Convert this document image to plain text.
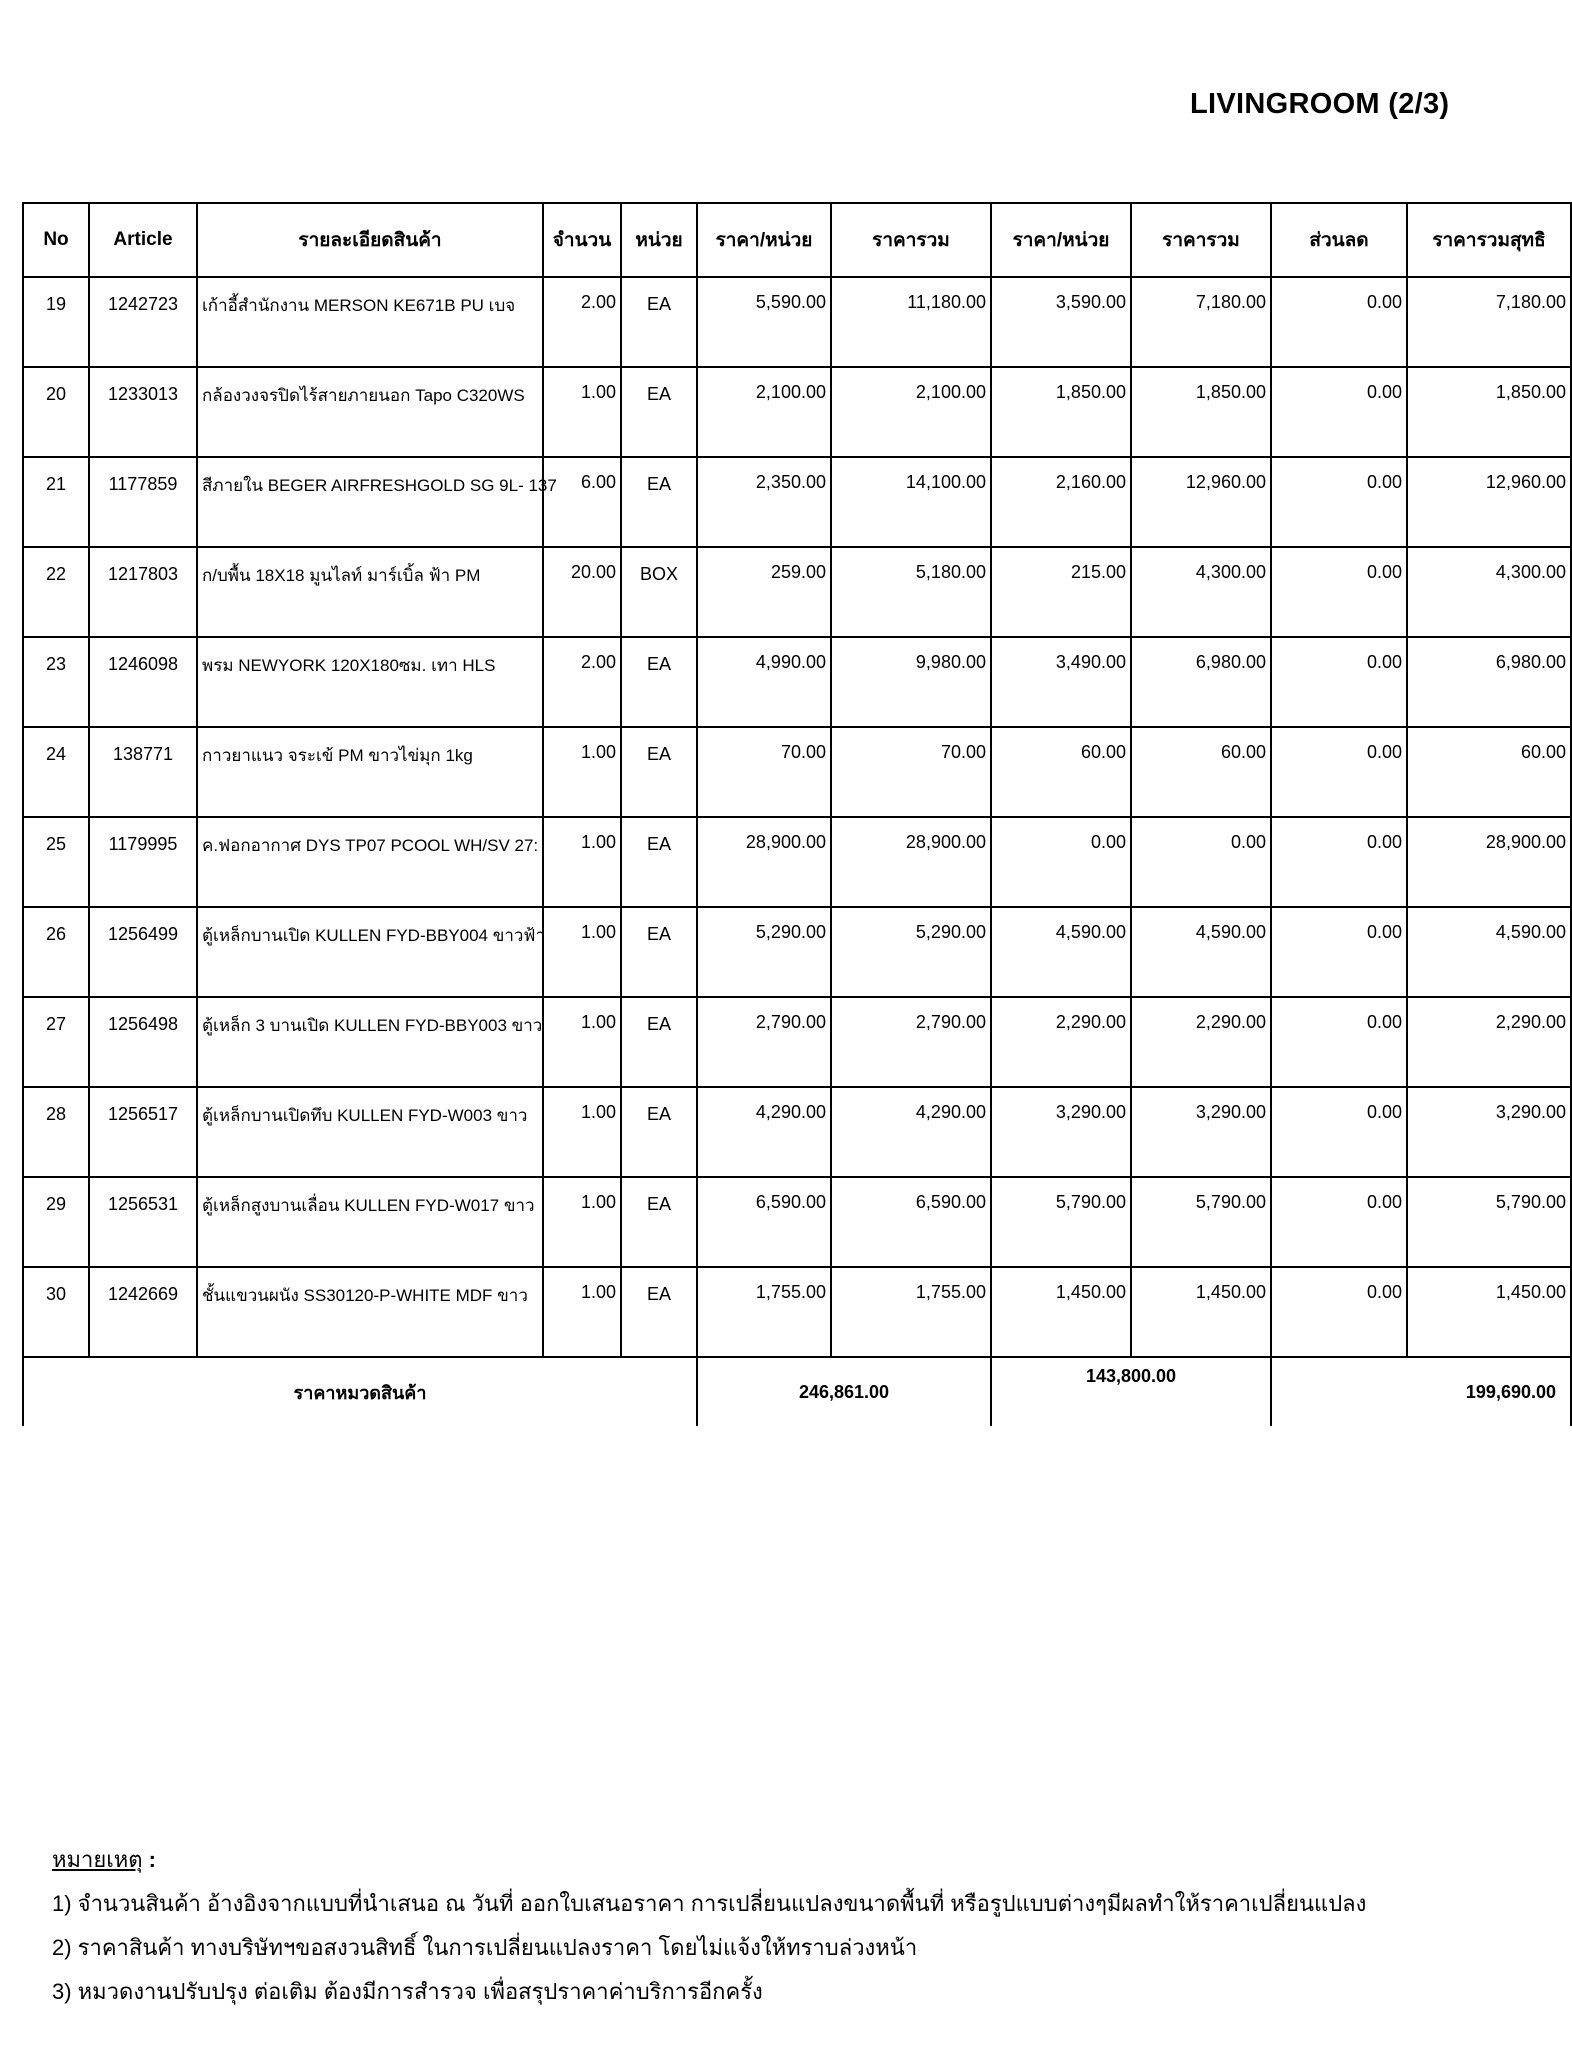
LIVINGROOM (2/3)
No	Article	รายละเอียดสินค้า	จำนวน	หน่วย	ราคา/หน่วย	ราคารวม	ราคา/หน่วย	ราคารวม	ส่วนลด	ราคารวมสุทธิ
19	1242723	เก้าอี้สำนักงาน MERSON KE671B PU เบจ	2.00	EA	5,590.00	11,180.00	3,590.00	7,180.00	0.00	7,180.00
20	1233013	กล้องวงจรปิดไร้สายภายนอก Tapo C320WS	1.00	EA	2,100.00	2,100.00	1,850.00	1,850.00	0.00	1,850.00
21	1177859	สีภายใน BEGER AIRFRESHGOLD SG 9L- 137	6.00	EA	2,350.00	14,100.00	2,160.00	12,960.00	0.00	12,960.00
22	1217803	ก/บพื้น 18X18 มูนไลท์ มาร์เบิ้ล ฟ้า PM	20.00	BOX	259.00	5,180.00	215.00	4,300.00	0.00	4,300.00
23	1246098	พรม NEWYORK 120X180ซม. เทา HLS	2.00	EA	4,990.00	9,980.00	3,490.00	6,980.00	0.00	6,980.00
24	138771	กาวยาแนว จระเข้ PM ขาวไข่มุก 1kg	1.00	EA	70.00	70.00	60.00	60.00	0.00	60.00
25	1179995	ค.ฟอกอากาศ DYS TP07 PCOOL WH/SV 27:	1.00	EA	28,900.00	28,900.00	0.00	0.00	0.00	28,900.00
26	1256499	ตู้เหล็กบานเปิด KULLEN FYD-BBY004 ขาวฟ้า	1.00	EA	5,290.00	5,290.00	4,590.00	4,590.00	0.00	4,590.00
27	1256498	ตู้เหล็ก 3 บานเปิด KULLEN FYD-BBY003 ขาว	1.00	EA	2,790.00	2,790.00	2,290.00	2,290.00	0.00	2,290.00
28	1256517	ตู้เหล็กบานเปิดทึบ KULLEN FYD-W003 ขาว	1.00	EA	4,290.00	4,290.00	3,290.00	3,290.00	0.00	3,290.00
29	1256531	ตู้เหล็กสูงบานเลื่อน KULLEN FYD-W017 ขาว	1.00	EA	6,590.00	6,590.00	5,790.00	5,790.00	0.00	5,790.00
30	1242669	ชั้นแขวนผนัง SS30120-P-WHITE MDF ขาว	1.00	EA	1,755.00	1,755.00	1,450.00	1,450.00	0.00	1,450.00
ราคาหมวดสินค้า					246,861.00		143,800.00		199,690.00	
หมายเหตุ :
1) จำนวนสินค้า อ้างอิงจากแบบที่นำเสนอ ณ วันที่ ออกใบเสนอราคา การเปลี่ยนแปลงขนาดพื้นที่ หรือรูปแบบต่างๆมีผลทำให้ราคาเปลี่ยนแปลง
2) ราคาสินค้า ทางบริษัทฯขอสงวนสิทธิ์ ในการเปลี่ยนแปลงราคา โดยไม่แจ้งให้ทราบล่วงหน้า
3) หมวดงานปรับปรุง ต่อเติม ต้องมีการสำรวจ เพื่อสรุปราคาค่าบริการอีกครั้ง
